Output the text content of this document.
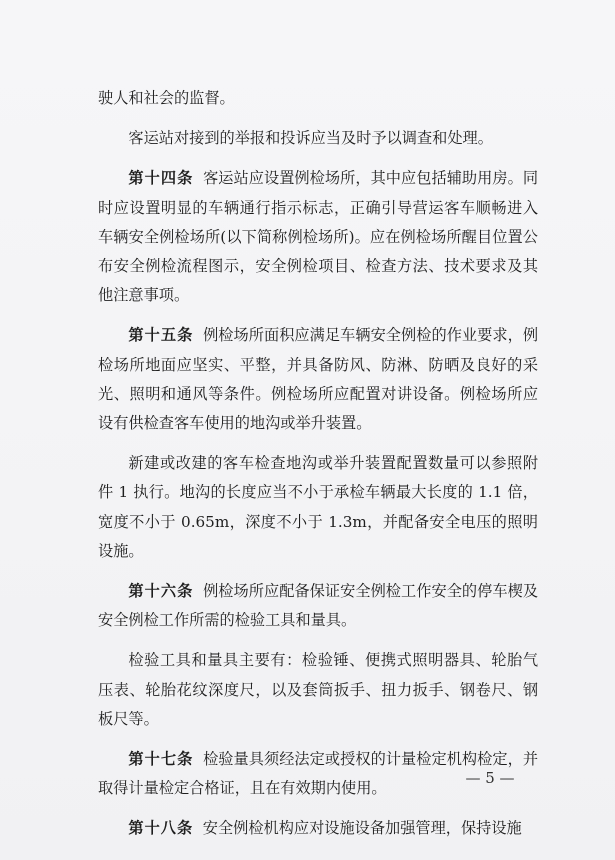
驶人和社会的监督。

客运站对接到的举报和投诉应当及时予以调查和处理。

第十四条 客运站应设置例检场所，其中应包括辅助用房。同时应设置明显的车辆通行指示标志，正确引导营运客车顺畅进入车辆安全例检场所(以下简称例检场所)。应在例检场所醒目位置公布安全例检流程图示，安全例检项目、检查方法、技术要求及其他注意事项。

第十五条 例检场所面积应满足车辆安全例检的作业要求，例检场所地面应坚实、平整，并具备防风、防淋、防晒及良好的采光、照明和通风等条件。例检场所应配置对讲设备。例检场所应设有供检查客车使用的地沟或举升装置。

新建或改建的客车检查地沟或举升装置配置数量可以参照附件 1 执行。地沟的长度应当不小于承检车辆最大长度的 1.1 倍，宽度不小于 0.65m，深度不小于 1.3m，并配备安全电压的照明设施。

第十六条 例检场所应配备保证安全例检工作安全的停车楔及安全例检工作所需的检验工具和量具。

检验工具和量具主要有：检验锤、便携式照明器具、轮胎气压表、轮胎花纹深度尺，以及套筒扳手、扭力扳手、钢卷尺、钢板尺等。

第十七条 检验量具须经法定或授权的计量检定机构检定，并取得计量检定合格证，且在有效期内使用。

第十八条 安全例检机构应对设施设备加强管理，保持设施

— 5 —
